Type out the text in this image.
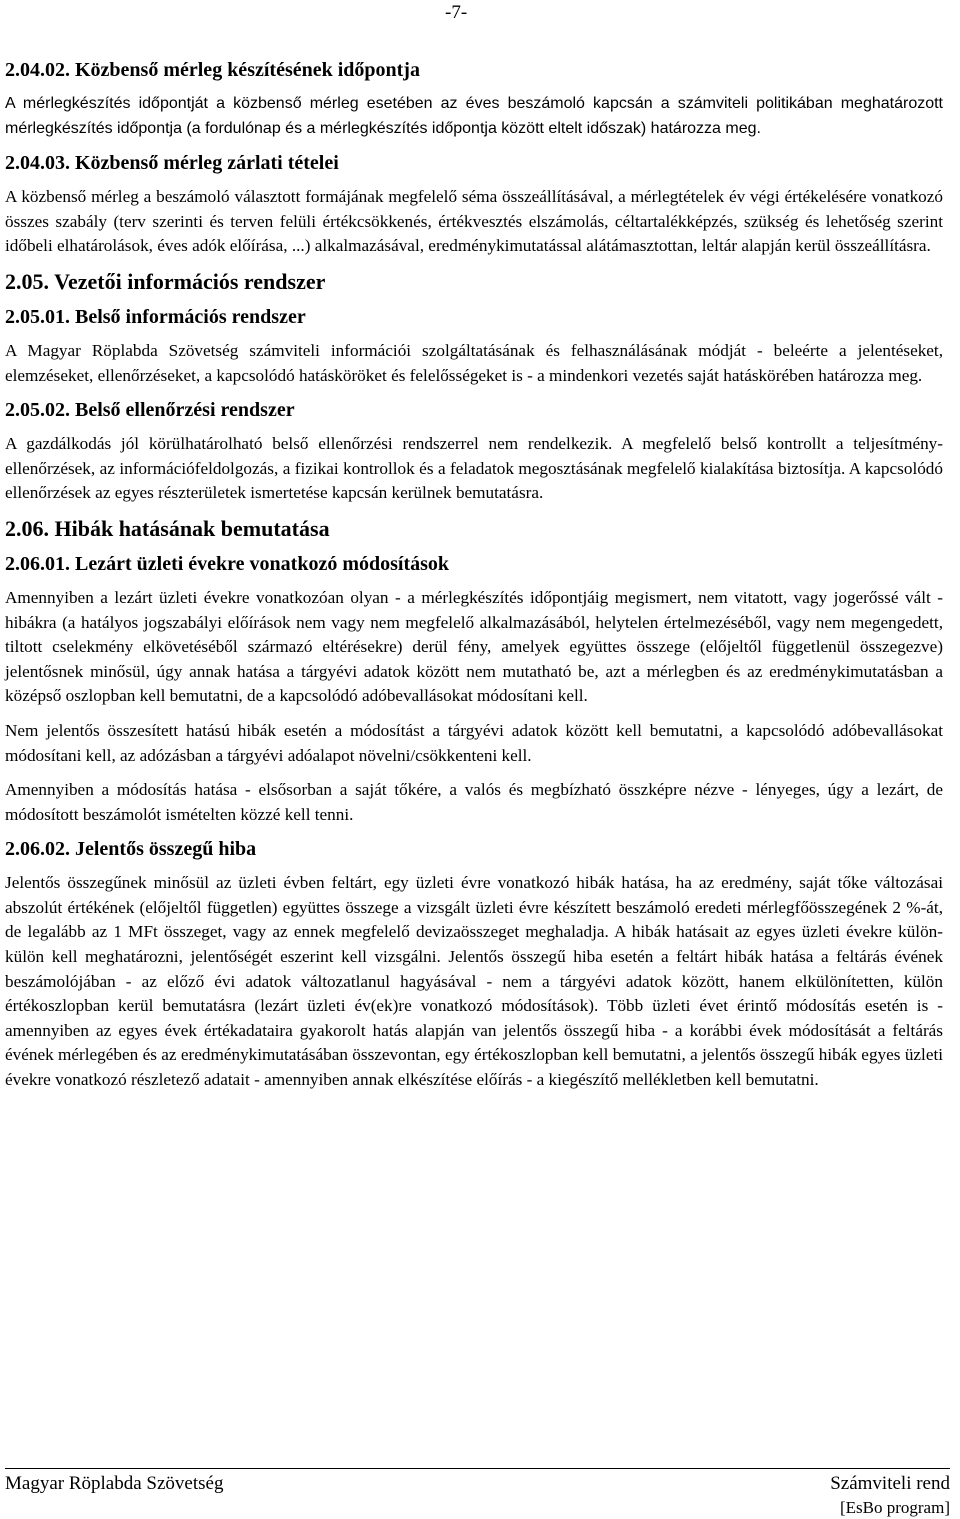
-7-
2.04.02. Közbenső mérleg készítésének időpontja

A mérlegkészítés időpontját a közbenső mérleg esetében az éves beszámoló kapcsán a számviteli politikában meghatározott mérlegkészítés időpontja (a fordulónap és a mérlegkészítés időpontja között eltelt időszak) határozza meg.

2.04.03. Közbenső mérleg zárlati tételei

A közbenső mérleg a beszámoló választott formájának megfelelő séma összeállításával, a mérlegtételek év végi értékelésére vonatkozó összes szabály (terv szerinti és terven felüli értékcsökkenés, értékvesztés elszámolás, céltartalékképzés, szükség és lehetőség szerint időbeli elhatárolások, éves adók előírása, ...) alkalmazásával, eredménykimutatással alátámasztottan, leltár alapján kerül összeállításra.

2.05. Vezetői információs rendszer
2.05.01. Belső információs rendszer

A Magyar Röplabda Szövetség számviteli információi szolgáltatásának és felhasználásának módját - beleérte a jelentéseket, elemzéseket, ellenőrzéseket, a kapcsolódó hatásköröket és felelősségeket is - a mindenkori vezetés saját hatáskörében határozza meg.

2.05.02. Belső ellenőrzési rendszer

A gazdálkodás jól körülhatárolható belső ellenőrzési rendszerrel nem rendelkezik. A megfelelő belső kontrollt a teljesítmény-ellenőrzések, az információfeldolgozás, a fizikai kontrollok és a feladatok megosztásának megfelelő kialakítása biztosítja. A kapcsolódó ellenőrzések az egyes részterületek ismertetése kapcsán kerülnek bemutatásra.

2.06. Hibák hatásának bemutatása
2.06.01. Lezárt üzleti évekre vonatkozó módosítások

Amennyiben a lezárt üzleti évekre vonatkozóan olyan - a mérlegkészítés időpontjáig megismert, nem vitatott, vagy jogerőssé vált - hibákra (a hatályos jogszabályi előírások nem vagy nem megfelelő alkalmazásából, helytelen értelmezéséből, vagy nem megengedett, tiltott cselekmény elkövetéséből származó eltérésekre) derül fény, amelyek együttes összege (előjeltől függetlenül összegezve) jelentősnek minősül, úgy annak hatása a tárgyévi adatok között nem mutatható be, azt a mérlegben és az eredménykimutatásban a középső oszlopban kell bemutatni, de a kapcsolódó adóbevallásokat módosítani kell.

Nem jelentős összesített hatású hibák esetén a módosítást a tárgyévi adatok között kell bemutatni, a kapcsolódó adóbevallásokat módosítani kell, az adózásban a tárgyévi adóalapot növelni/csökkenteni kell.

Amennyiben a módosítás hatása - elsősorban a saját tőkére, a valós és megbízható összképre nézve - lényeges, úgy a lezárt, de módosított beszámolót ismételten közzé kell tenni.

2.06.02. Jelentős összegű hiba

Jelentős összegűnek minősül az üzleti évben feltárt, egy üzleti évre vonatkozó hibák hatása, ha az eredmény, saját tőke változásai abszolút értékének (előjeltől független) együttes összege a vizsgált üzleti évre készített beszámoló eredeti mérlegfőösszegének 2 %-át, de legalább az 1 MFt összeget, vagy az ennek megfelelő devizaösszeget meghaladja. A hibák hatásait az egyes üzleti évekre külön-külön kell meghatározni, jelentőségét eszerint kell vizsgálni. Jelentős összegű hiba esetén a feltárt hibák hatása a feltárás évének beszámolójában - az előző évi adatok változatlanul hagyásával - nem a tárgyévi adatok között, hanem elkülönítetten, külön értékoszlopban kerül bemutatásra (lezárt üzleti év(ek)re vonatkozó módosítások). Több üzleti évet érintő módosítás esetén is - amennyiben az egyes évek értékadataira gyakorolt hatás alapján van jelentős összegű hiba - a korábbi évek módosítását a feltárás évének mérlegében és az eredménykimutatásában összevontan, egy értékoszlopban kell bemutatni, a jelentős összegű hibák egyes üzleti évekre vonatkozó részletező adatait - amennyiben annak elkészítése előírás - a kiegészítő mellékletben kell bemutatni.

Magyar Röplabda Szövetség	Számviteli rend
[EsBo program]
